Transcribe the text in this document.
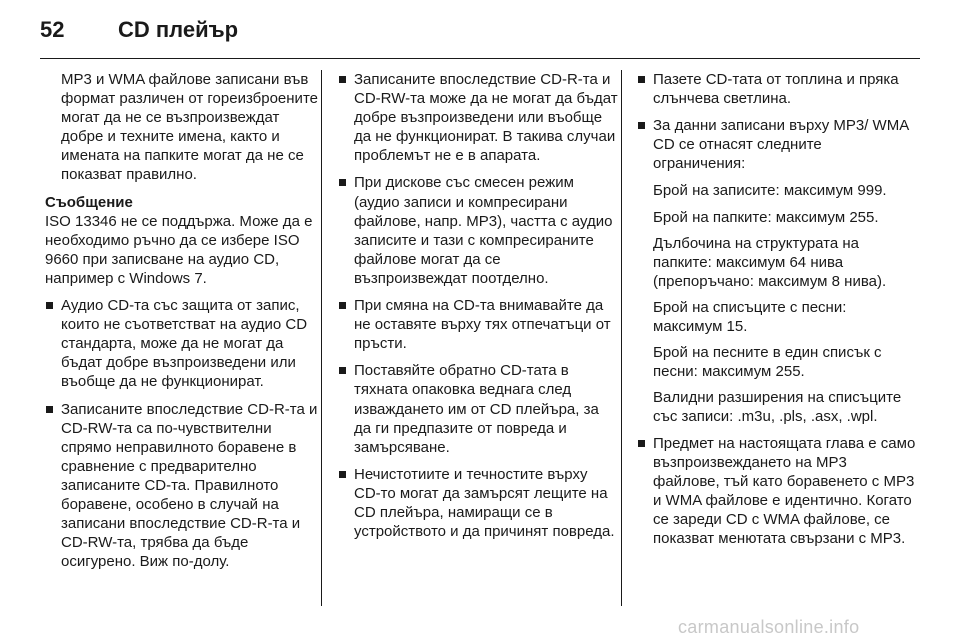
52 CD плейър

MP3 и WMA файлове записани във формат различен от гореизброените могат да не се възпроизвеждат добре и техните имена, както и имената на папките могат да не се показват правилно.

Съобщение

ISO 13346 не се поддържа. Може да е необходимо ръчно да се избере ISO 9660 при записване на аудио CD, например с Windows 7.

Аудио CD-та със защита от запис, които не съответстват на аудио CD стандарта, може да не могат да бъдат добре възпроизведени или въобще да не функционират.

Записаните впоследствие CD-R-та и CD-RW-та са по-чувствителни спрямо неправилното боравене в сравнение с предварително записаните CD-та. Правилното боравене, особено в случай на записани впоследствие CD-R-та и CD-RW-та, трябва да бъде осигурено. Виж по-долу.

Записаните впоследствие CD-R-та и CD-RW-та може да не могат да бъдат добре възпроизведени или въобще да не функционират. В такива случаи проблемът не е в апарата.

При дискове със смесен режим (аудио записи и компресирани файлове, напр. MP3), частта с аудио записите и тази с компресираните файлове могат да се възпроизвеждат поотделно.

При смяна на CD-та внимавайте да не оставяте върху тях отпечатъци от пръсти.

Поставяйте обратно CD-тата в тяхната опаковка веднага след изваждането им от CD плейъра, за да ги предпазите от повреда и замърсяване.

Нечистотиите и течностите върху CD-то могат да замърсят лещите на CD плейъра, намиращи се в устройството и да причинят повреда.

Пазете CD-тата от топлина и пряка слънчева светлина.

За данни записани върху MP3/ WMA CD се отнасят следните ограничения:

Брой на записите: максимум 999.

Брой на папките: максимум 255.

Дълбочина на структурата на папките: максимум 64 нива (препоръчано: максимум 8 нива).

Брой на списъците с песни: максимум 15.

Брой на песните в един списък с песни: максимум 255.

Валидни разширения на списъците със записи: .m3u, .pls, .asx, .wpl.

Предмет на настоящата глава е само възпроизвеждането на MP3 файлове, тъй като боравенето с MP3 и WMA файлове е идентично. Когато се зареди CD с WMA файлове, се показват менютата свързани с MP3.

carmanualsonline.info
